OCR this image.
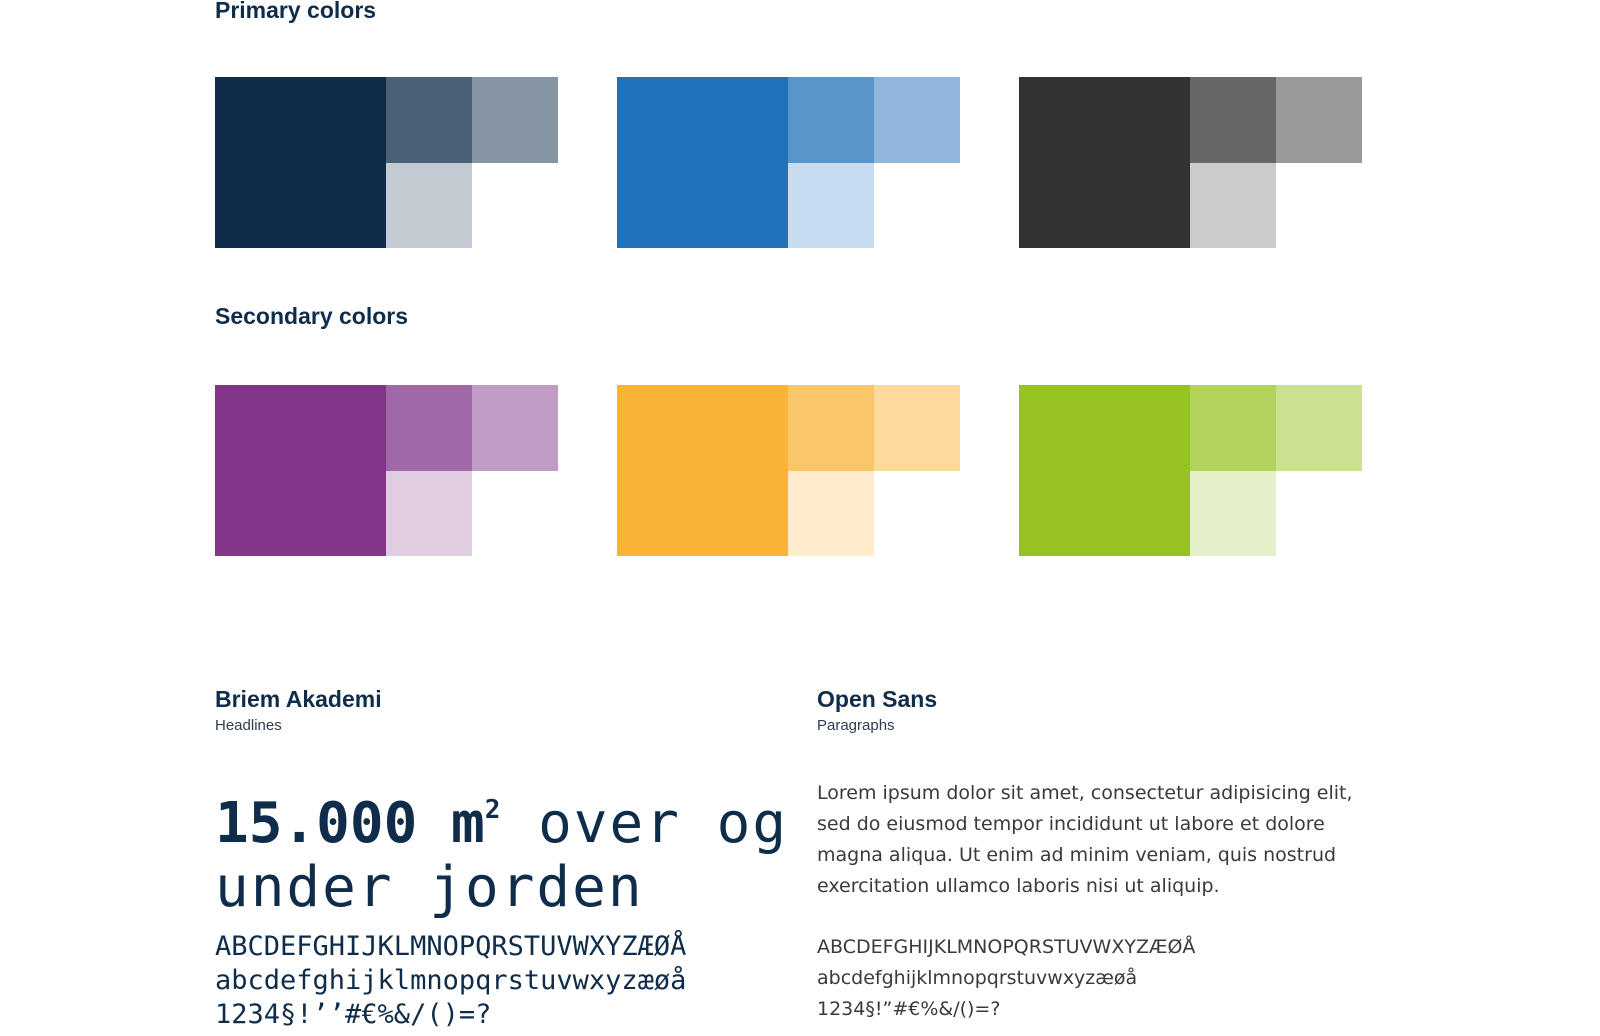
Primary colors
Secondary colors
Briem Akademi
Headlines

15.000 $m^2$ over og
under jorden

ABCDEFGHIJKLMNOPQRSTUVWXYZÆØÅ
abcdefghijklmnopqrstuvwxyzæøå
1234§!’’#€%&/()=?
Open Sans
Paragraphs

Lorem ipsum dolor sit amet, consectetur adipisicing elit, sed do eiusmod tempor incididunt ut labore et dolore magna aliqua. Ut enim ad minim veniam, quis nostrud exercitation ullamco laboris nisi ut aliquip.

ABCDEFGHIJKLMNOPQRSTUVWXYZÆØÅ
abcdefghijklmnopqrstuvwxyzæøå
1234§!”#€%&/()=?
